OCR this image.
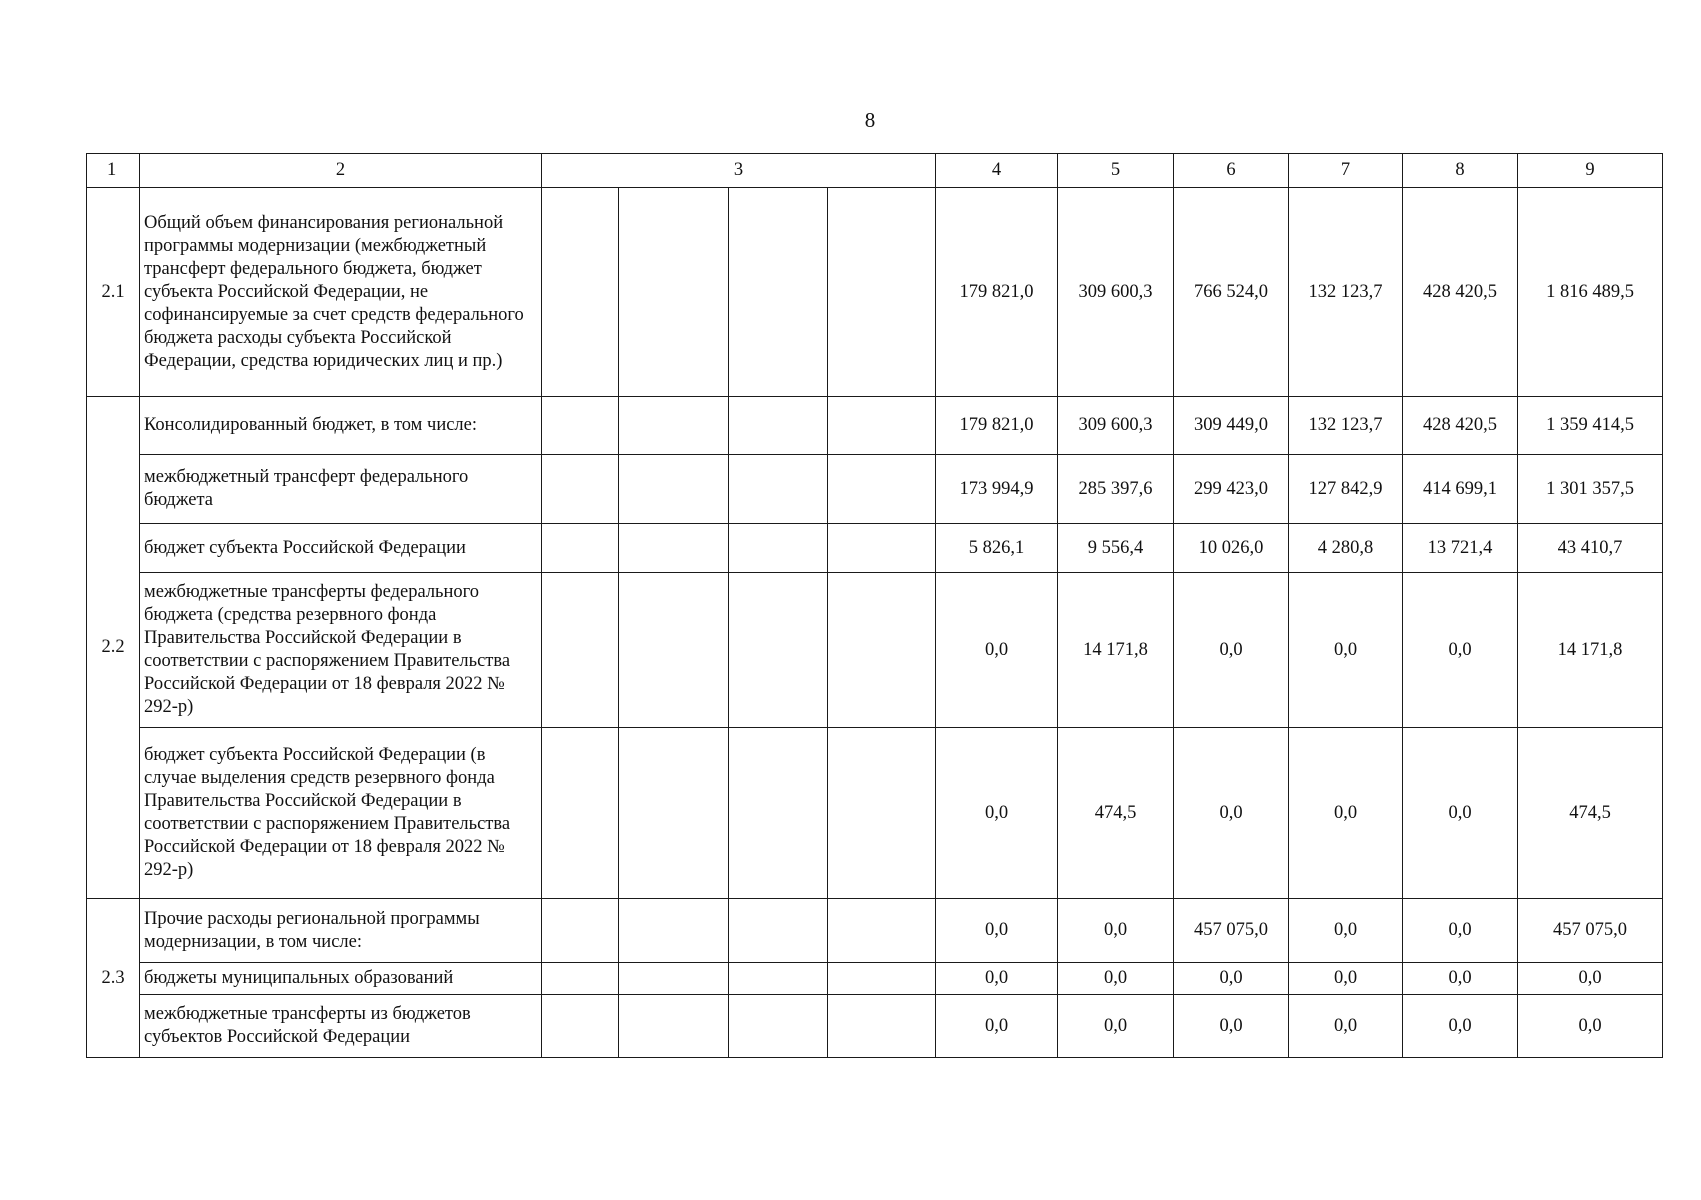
8
1	2	3				4	5	6	7	8	9
2.1	Общий объем финансирования региональной программы модернизации (межбюджетный трансферт федерального бюджета, бюджет субъекта Российской Федерации, не софинансируемые за счет средств федерального бюджета расходы субъекта Российской Федерации, средства юридических лиц и пр.)					179 821,0	309 600,3	766 524,0	132 123,7	428 420,5	1 816 489,5
2.2	Консолидированный бюджет, в том числе:					179 821,0	309 600,3	309 449,0	132 123,7	428 420,5	1 359 414,5
	межбюджетный трансферт федерального бюджета					173 994,9	285 397,6	299 423,0	127 842,9	414 699,1	1 301 357,5
	бюджет субъекта Российской Федерации					5 826,1	9 556,4	10 026,0	4 280,8	13 721,4	43 410,7
	межбюджетные трансферты федерального бюджета (средства резервного фонда Правительства Российской Федерации в соответствии с распоряжением Правительства Российской Федерации от 18 февраля 2022 № 292-р)					0,0	14 171,8	0,0	0,0	0,0	14 171,8
	бюджет субъекта Российской Федерации (в случае выделения средств резервного фонда Правительства Российской Федерации в соответствии с распоряжением Правительства Российской Федерации от 18 февраля 2022 № 292-р)					0,0	474,5	0,0	0,0	0,0	474,5
2.3	Прочие расходы региональной программы модернизации, в том числе:					0,0	0,0	457 075,0	0,0	0,0	457 075,0
	бюджеты муниципальных образований					0,0	0,0	0,0	0,0	0,0	0,0
	межбюджетные трансферты из бюджетов субъектов Российской Федерации					0,0	0,0	0,0	0,0	0,0	0,0
